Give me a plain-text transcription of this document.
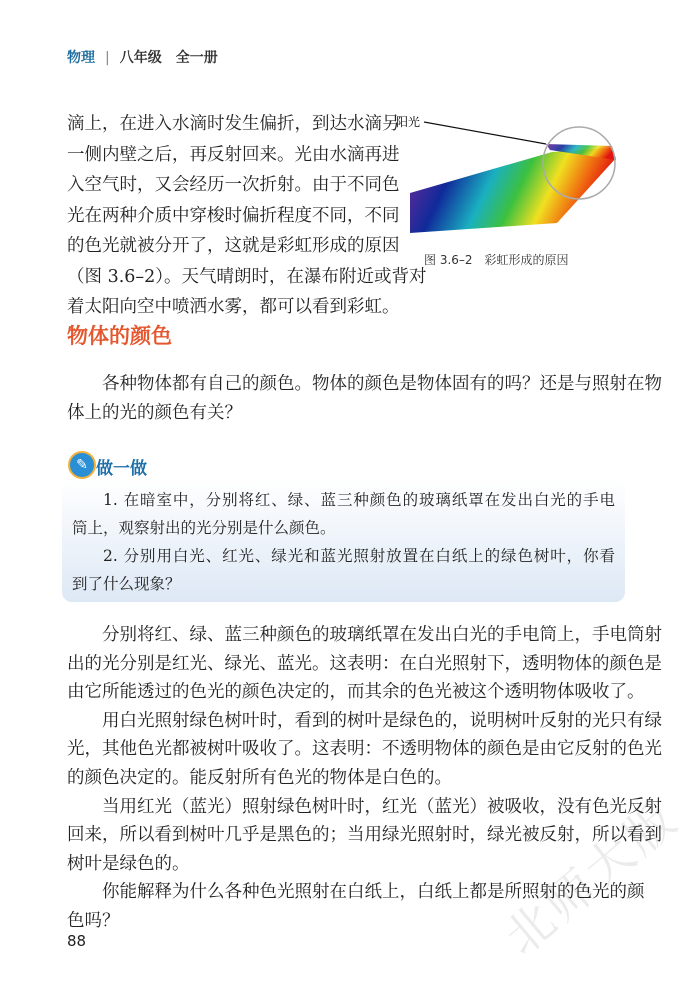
物理 | 八年级　全一册
滴上，在进入水滴时发生偏折，到达水滴另
一侧内壁之后，再反射回来。光由水滴再进
入空气时，又会经历一次折射。由于不同色
光在两种介质中穿梭时偏折程度不同，不同
的色光就被分开了，这就是彩虹形成的原因
（图 3.6–2）。天气晴朗时，在瀑布附近或背对
着太阳向空中喷洒水雾，都可以看到彩虹。
阳光
图 3.6–2　彩虹形成的原因
物体的颜色
各种物体都有自己的颜色。物体的颜色是物体固有的吗？还是与照射在物
体上的光的颜色有关？
✎ 做一做
1. 在暗室中，分别将红、绿、蓝三种颜色的玻璃纸罩在发出白光的手电
筒上，观察射出的光分别是什么颜色。
2. 分别用白光、红光、绿光和蓝光照射放置在白纸上的绿色树叶，你看
到了什么现象？
分别将红、绿、蓝三种颜色的玻璃纸罩在发出白光的手电筒上，手电筒射
出的光分别是红光、绿光、蓝光。这表明：在白光照射下，透明物体的颜色是
由它所能透过的色光的颜色决定的，而其余的色光被这个透明物体吸收了。
用白光照射绿色树叶时，看到的树叶是绿色的，说明树叶反射的光只有绿
光，其他色光都被树叶吸收了。这表明：不透明物体的颜色是由它反射的色光
的颜色决定的。能反射所有色光的物体是白色的。
当用红光（蓝光）照射绿色树叶时，红光（蓝光）被吸收，没有色光反射
回来，所以看到树叶几乎是黑色的；当用绿光照射时，绿光被反射，所以看到
树叶是绿色的。
你能解释为什么各种色光照射在白纸上，白纸上都是所照射的色光的颜
色吗？
88	北师大版
